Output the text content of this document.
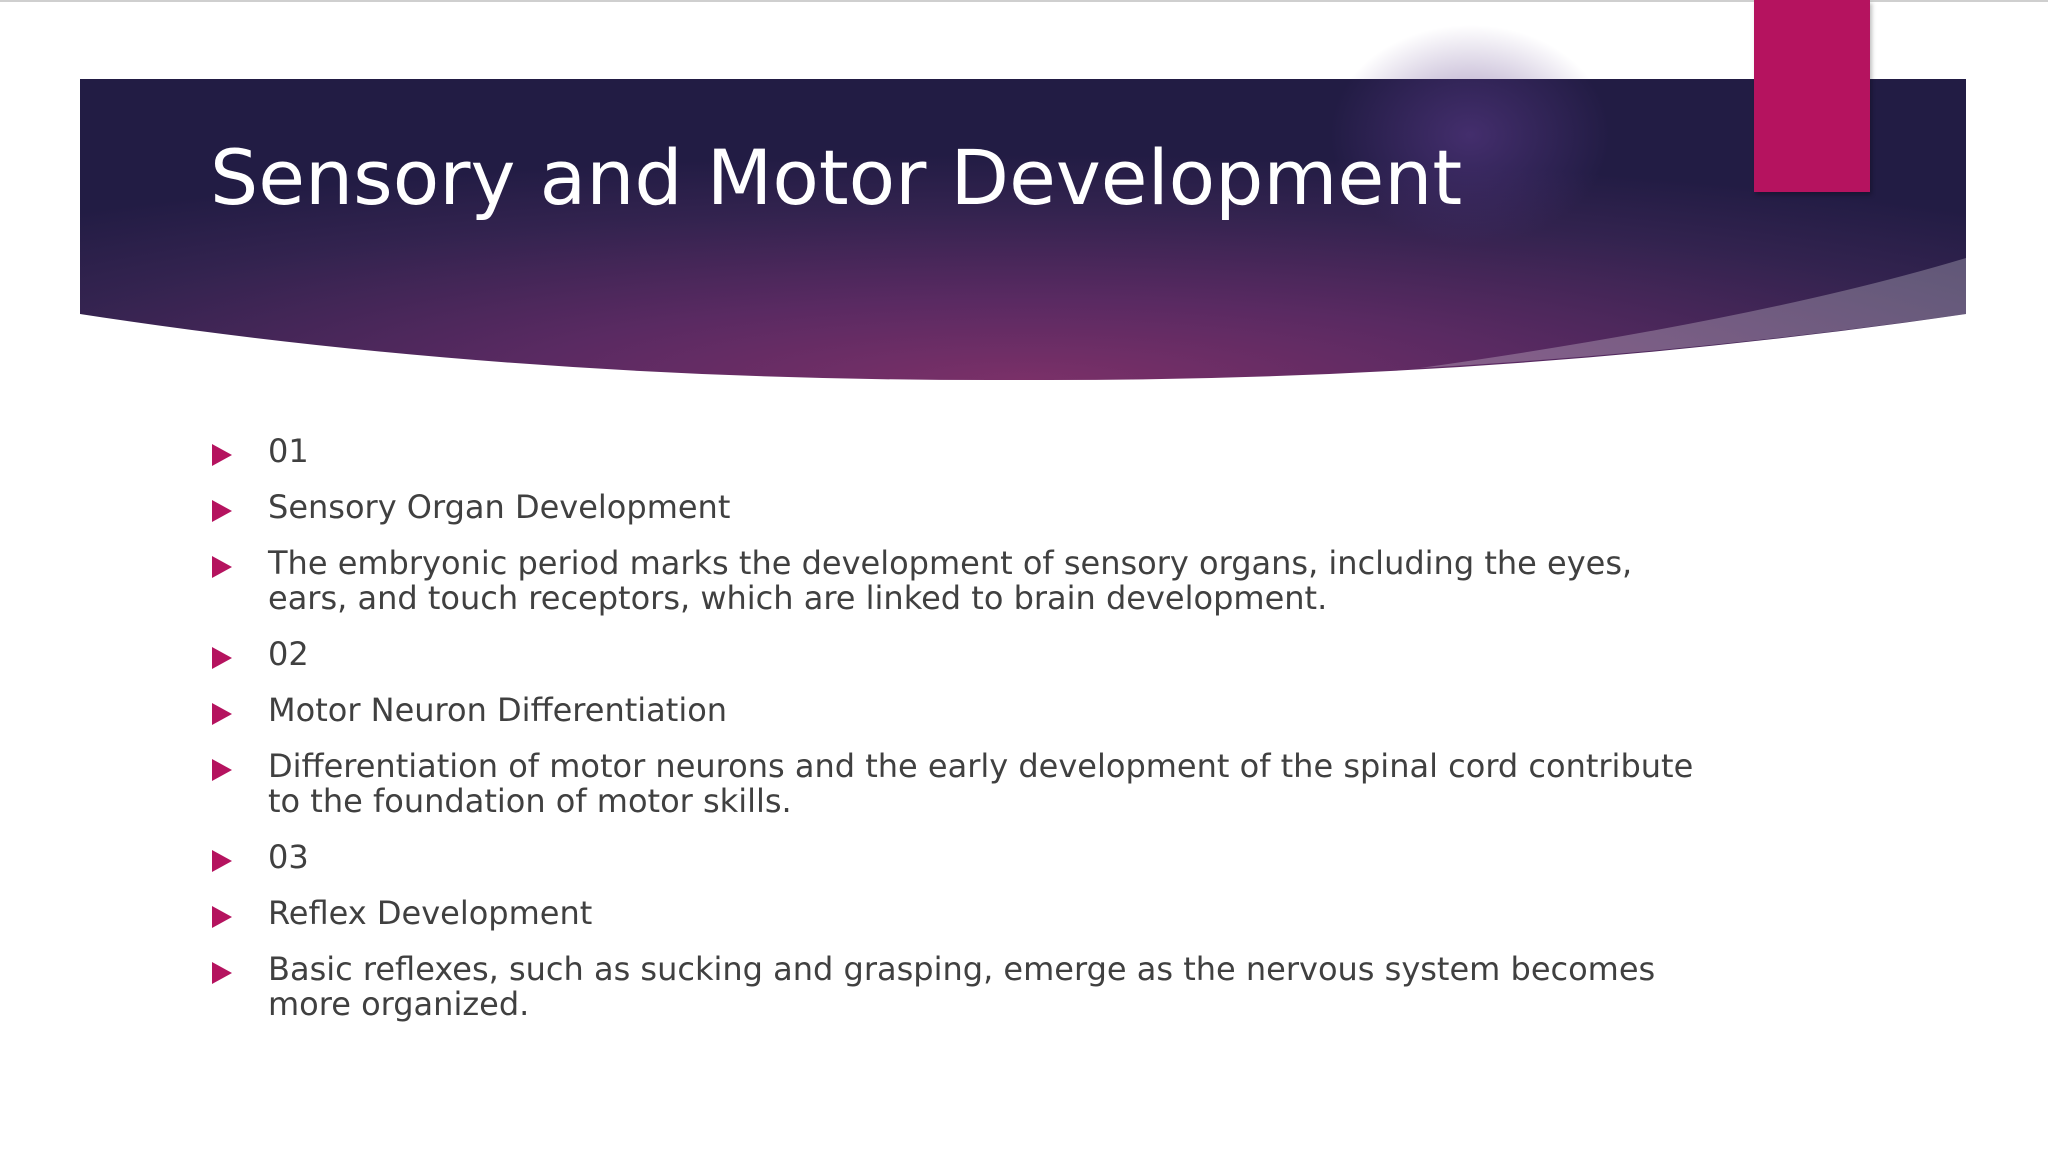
Sensory and Motor Development
01
Sensory Organ Development
The embryonic period marks the development of sensory organs, including the eyes, ears, and touch receptors, which are linked to brain development.
02
Motor Neuron Differentiation
Differentiation of motor neurons and the early development of the spinal cord contribute to the foundation of motor skills.
03
Reflex Development
Basic reflexes, such as sucking and grasping, emerge as the nervous system becomes more organized.
